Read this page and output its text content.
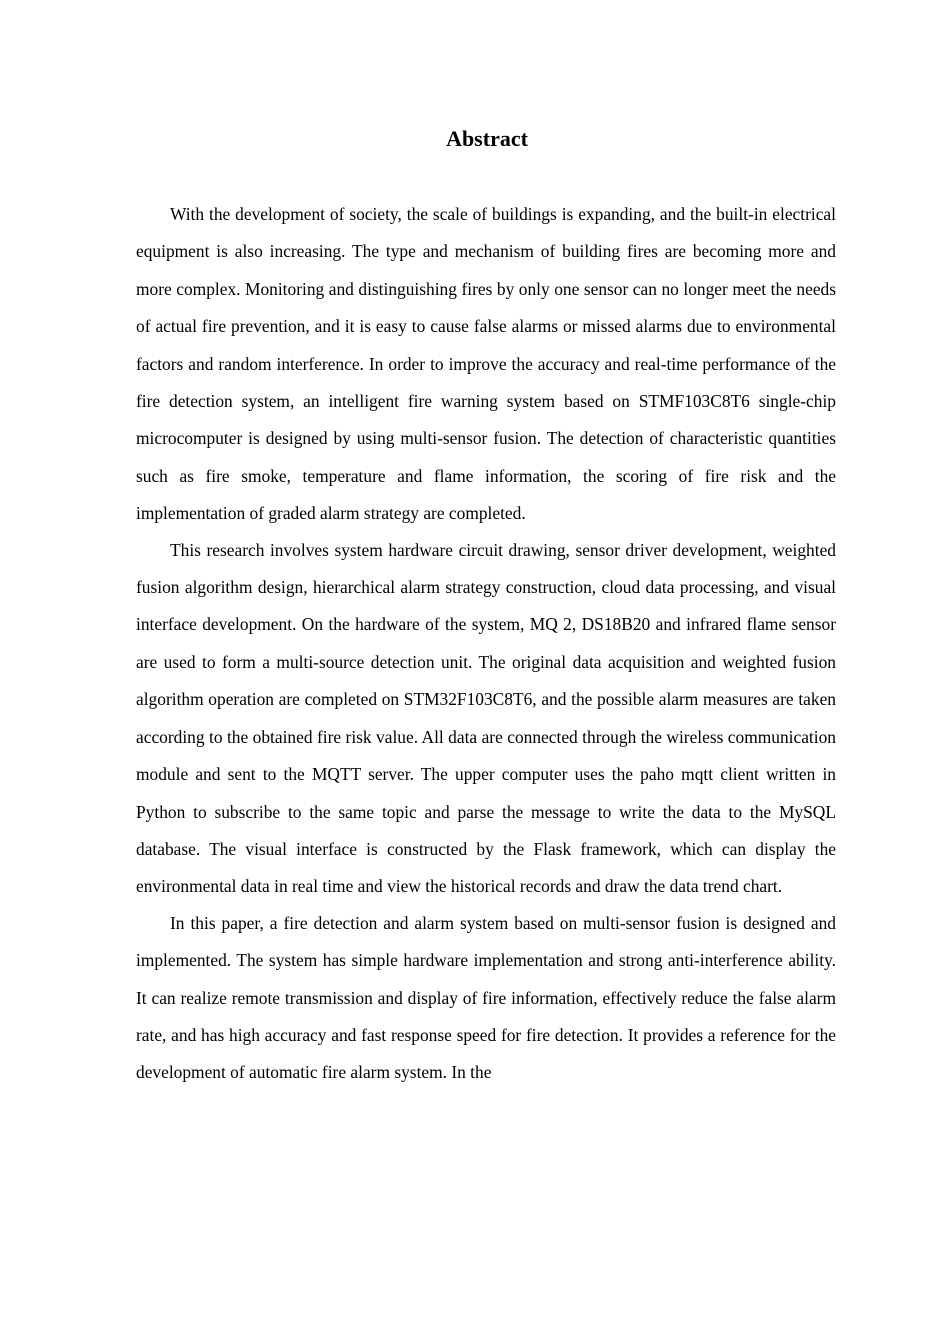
Abstract

With the development of society, the scale of buildings is expanding, and the built-in electrical equipment is also increasing. The type and mechanism of building fires are becoming more and more complex. Monitoring and distinguishing fires by only one sensor can no longer meet the needs of actual fire prevention, and it is easy to cause false alarms or missed alarms due to environmental factors and random interference. In order to improve the accuracy and real-time performance of the fire detection system, an intelligent fire warning system based on STMF103C8T6 single-chip microcomputer is designed by using multi-sensor fusion. The detection of characteristic quantities such as fire smoke, temperature and flame information, the scoring of fire risk and the implementation of graded alarm strategy are completed.

This research involves system hardware circuit drawing, sensor driver development, weighted fusion algorithm design, hierarchical alarm strategy construction, cloud data processing, and visual interface development. On the hardware of the system, MQ 2, DS18B20 and infrared flame sensor are used to form a multi-source detection unit. The original data acquisition and weighted fusion algorithm operation are completed on STM32F103C8T6, and the possible alarm measures are taken according to the obtained fire risk value. All data are connected through the wireless communication module and sent to the MQTT server. The upper computer uses the paho mqtt client written in Python to subscribe to the same topic and parse the message to write the data to the MySQL database. The visual interface is constructed by the Flask framework, which can display the environmental data in real time and view the historical records and draw the data trend chart.

In this paper, a fire detection and alarm system based on multi-sensor fusion is designed and implemented. The system has simple hardware implementation and strong anti-interference ability. It can realize remote transmission and display of fire information, effectively reduce the false alarm rate, and has high accuracy and fast response speed for fire detection. It provides a reference for the development of automatic fire alarm system. In the
